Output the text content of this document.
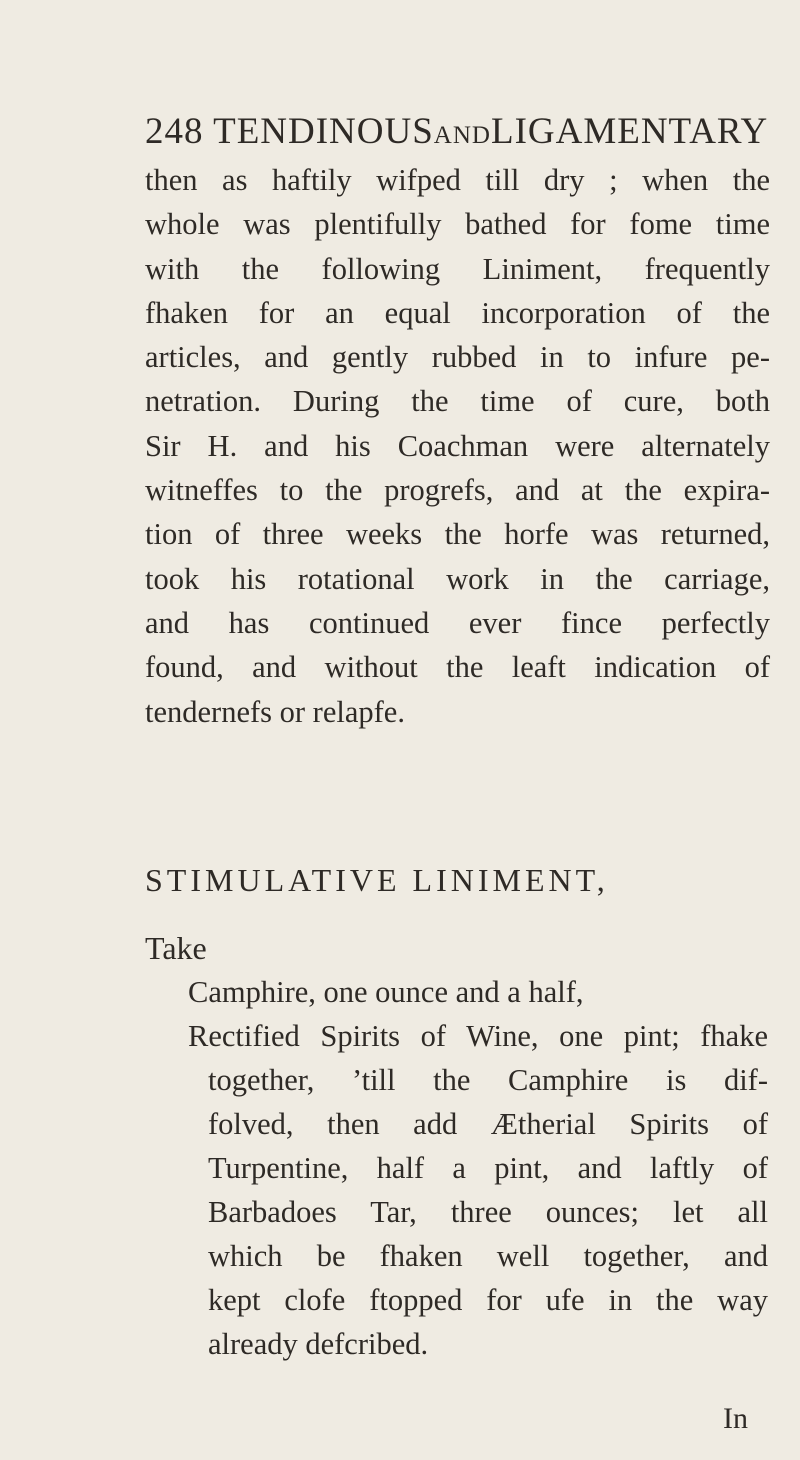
248 TENDINOUSANDLIGAMENTARY
then as haftily wifped till dry ; when the
whole was plentifully bathed for fome time
with the following Liniment, frequently
fhaken for an equal incorporation of the
articles, and gently rubbed in to infure pe-
netration. During the time of cure, both
Sir H. and his Coachman were alternately
witneffes to the progrefs, and at the expira-
tion of three weeks the horfe was returned,
took his rotational work in the carriage,
and has continued ever fince perfectly
found, and without the leaft indication of
tendernefs or relapfe.
STIMULATIVE LINIMENT,
Take
Camphire, one ounce and a half,
Rectified Spirits of Wine, one pint; fhake
together, ’till the Camphire is dif-
folved, then add Ætherial Spirits of
Turpentine, half a pint, and laftly of
Barbadoes Tar, three ounces; let all
which be fhaken well together, and
kept clofe ftopped for ufe in the way
already defcribed.
In
